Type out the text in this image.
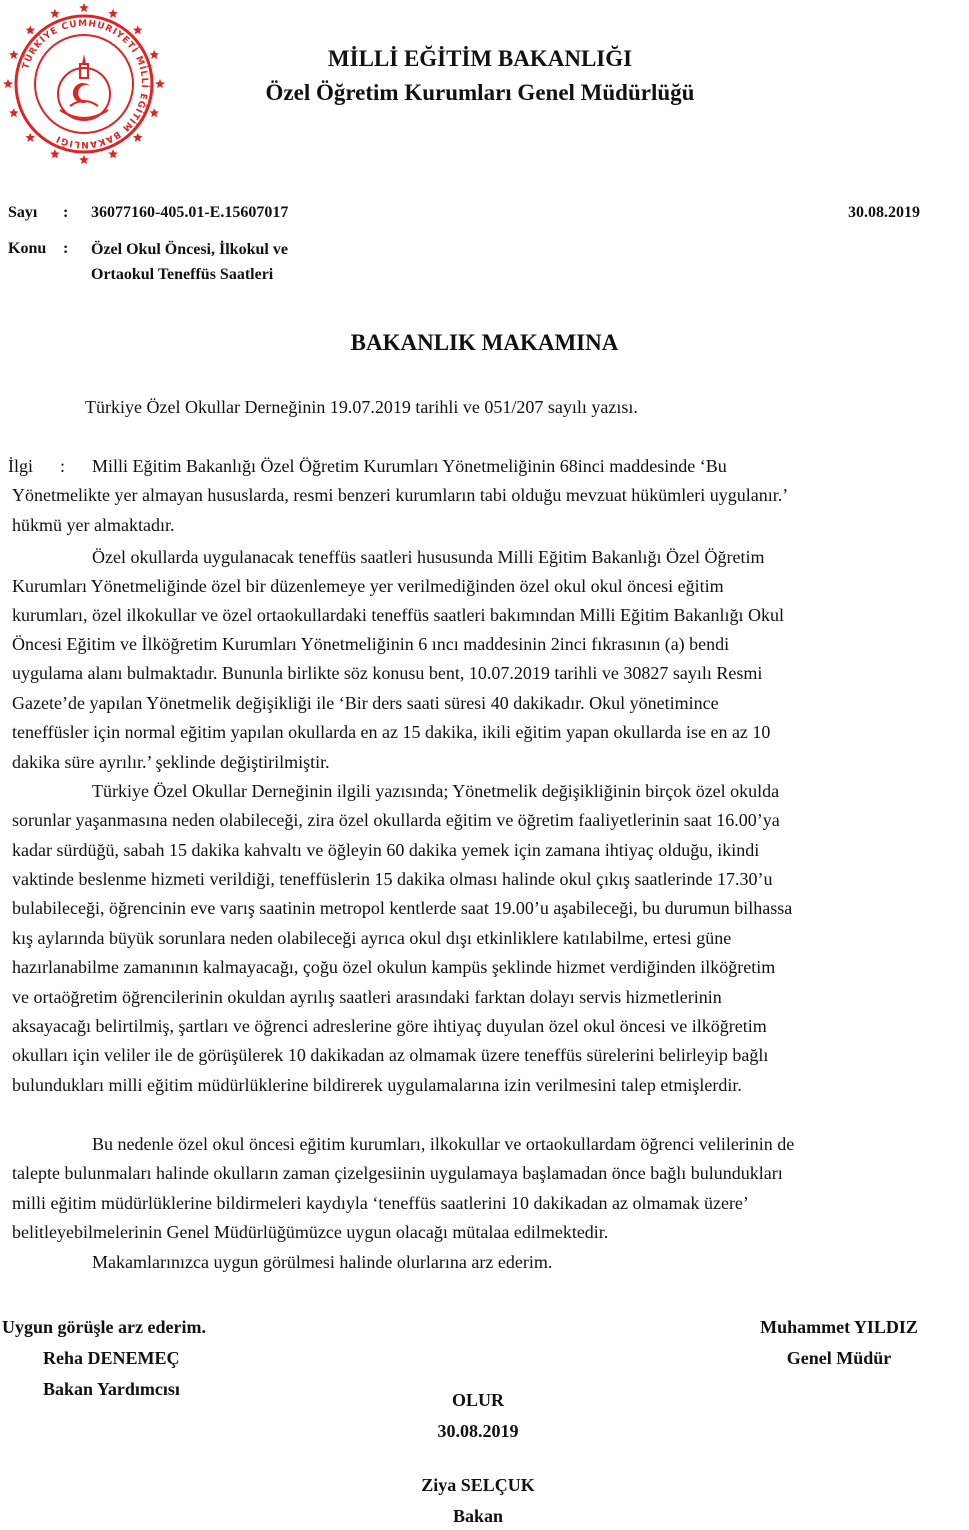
TÜRKİYE CUMHURİYETİ MİLLİ EĞİTİM BAKANLIĞI
MİLLİ EĞİTİM BAKANLIĞI
Özel Öğretim Kurumları Genel Müdürlüğü
Sayı : 36077160-405.01-E.15607017	30.08.2019
Konu : Özel Okul Öncesi, İlkokul ve
Ortaokul Teneffüs Saatleri
BAKANLIK MAKAMINA
Türkiye Özel Okullar Derneğinin 19.07.2019 tarihli ve 051/207 sayılı yazısı.
İlgi : Milli Eğitim Bakanlığı Özel Öğretim Kurumları Yönetmeliğinin 68inci maddesinde ‘Bu
Yönetmelikte yer almayan hususlarda, resmi benzeri kurumların tabi olduğu mevzuat hükümleri uygulanır.’
hükmü yer almaktadır.
Özel okullarda uygulanacak teneffüs saatleri hususunda Milli Eğitim Bakanlığı Özel Öğretim
Kurumları Yönetmeliğinde özel bir düzenlemeye yer verilmediğinden özel okul okul öncesi eğitim
kurumları, özel ilkokullar ve özel ortaokullardaki teneffüs saatleri bakımından Milli Eğitim Bakanlığı Okul
Öncesi Eğitim ve İlköğretim Kurumları Yönetmeliğinin 6 ıncı maddesinin 2inci fıkrasının (a) bendi
uygulama alanı bulmaktadır. Bununla birlikte söz konusu bent, 10.07.2019 tarihli ve 30827 sayılı Resmi
Gazete’de yapılan Yönetmelik değişikliği ile ‘Bir ders saati süresi 40 dakikadır. Okul yönetimince
teneffüsler için normal eğitim yapılan okullarda en az 15 dakika, ikili eğitim yapan okullarda ise en az 10
dakika süre ayrılır.’ şeklinde değiştirilmiştir.
Türkiye Özel Okullar Derneğinin ilgili yazısında; Yönetmelik değişikliğinin birçok özel okulda
sorunlar yaşanmasına neden olabileceği, zira özel okullarda eğitim ve öğretim faaliyetlerinin saat 16.00’ya
kadar sürdüğü, sabah 15 dakika kahvaltı ve öğleyin 60 dakika yemek için zamana ihtiyaç olduğu, ikindi
vaktinde beslenme hizmeti verildiği, teneffüslerin 15 dakika olması halinde okul çıkış saatlerinde 17.30’u
bulabileceği, öğrencinin eve varış saatinin metropol kentlerde saat 19.00’u aşabileceği, bu durumun bilhassa
kış aylarında büyük sorunlara neden olabileceği ayrıca okul dışı etkinliklere katılabilme, ertesi güne
hazırlanabilme zamanının kalmayacağı, çoğu özel okulun kampüs şeklinde hizmet verdiğinden ilköğretim
ve ortaöğretim öğrencilerinin okuldan ayrılış saatleri arasındaki farktan dolayı servis hizmetlerinin
aksayacağı belirtilmiş, şartları ve öğrenci adreslerine göre ihtiyaç duyulan özel okul öncesi ve ilköğretim
okulları için veliler ile de görüşülerek 10 dakikadan az olmamak üzere teneffüs sürelerini belirleyip bağlı
bulundukları milli eğitim müdürlüklerine bildirerek uygulamalarına izin verilmesini talep etmişlerdir.
Bu nedenle özel okul öncesi eğitim kurumları, ilkokullar ve ortaokullardam öğrenci velilerinin de
talepte bulunmaları halinde okulların zaman çizelgesiinin uygulamaya başlamadan önce bağlı bulundukları
milli eğitim müdürlüklerine bildirmeleri kaydıyla ‘teneffüs saatlerini 10 dakikadan az olmamak üzere’
belitleyebilmelerinin Genel Müdürlüğümüzce uygun olacağı mütalaa edilmektedir.
Makamlarınızca uygun görülmesi halinde olurlarına arz ederim.
Uygun görüşle arz ederim.
Reha DENEMEÇ
Bakan Yardımcısı
Muhammet YILDIZ
Genel Müdür
OLUR
30.08.2019
Ziya SELÇUK
Bakan
